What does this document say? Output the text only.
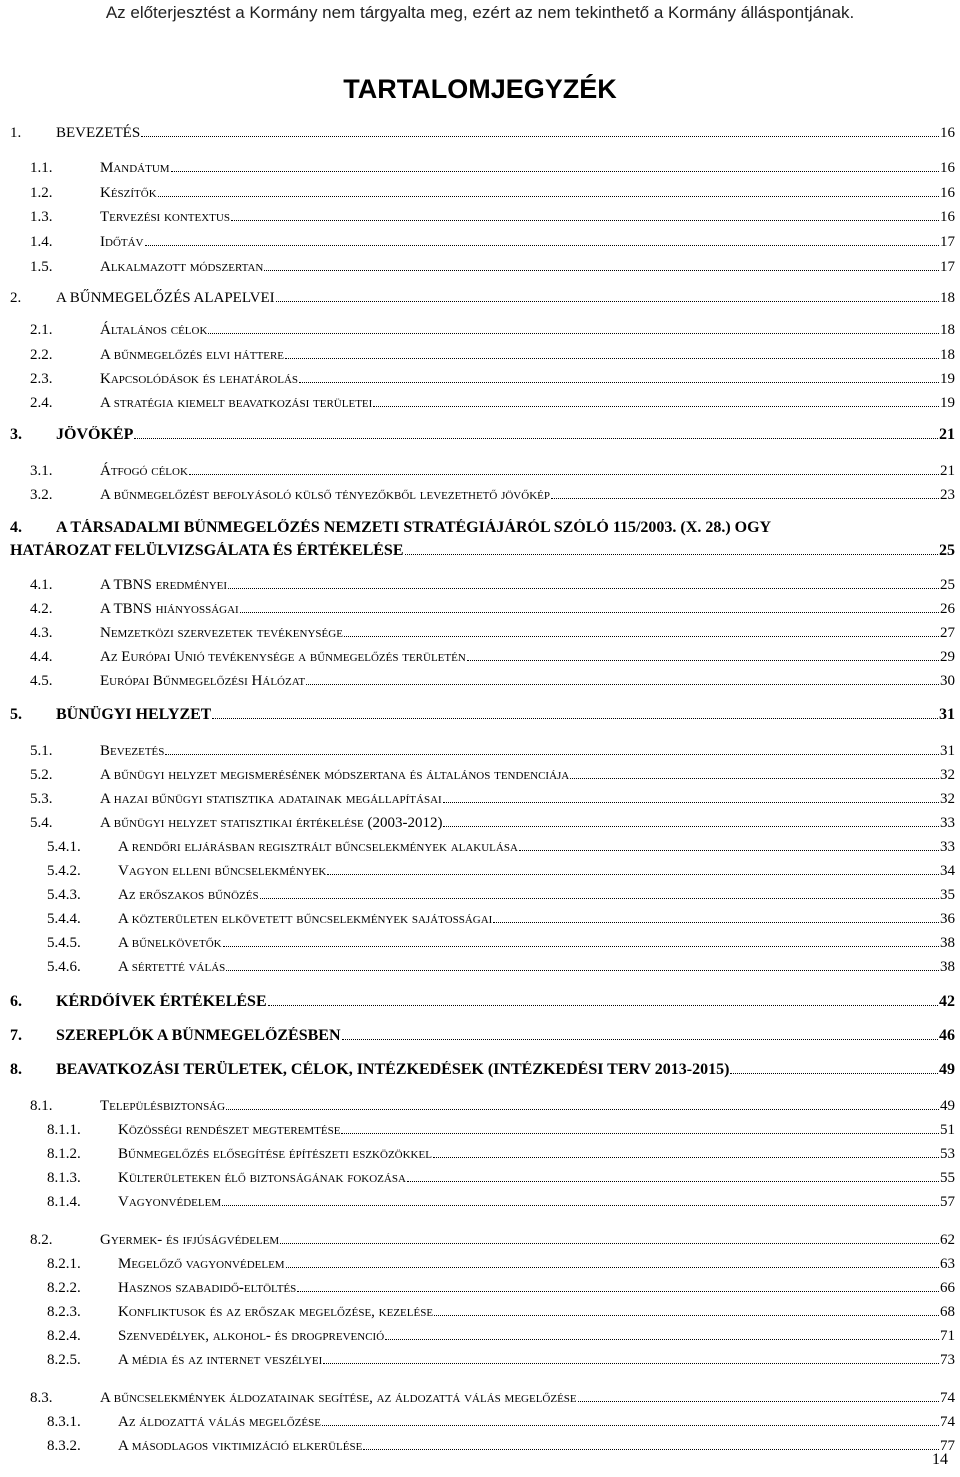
Az előterjesztést a Kormány nem tárgyalta meg, ezért az nem tekinthető a Kormány álláspontjának.
TARTALOMJEGYZÉK
1.	BEVEZETÉS	16
1.1.	Mandátum	16
1.2.	Készítők	16
1.3.	Tervezési kontextus	16
1.4.	Időtáv	17
1.5.	Alkalmazott módszertan	17
2.	A BŰNMEGELŐZÉS ALAPELVEI	18
2.1.	Általános célok	18
2.2.	A bűnmegelőzés elvi háttere	18
2.3.	Kapcsolódások és lehatárolás	19
2.4.	A stratégia kiemelt beavatkozási területei	19
3.	JÖVŐKÉP	21
3.1.	Átfogó célok	21
3.2.	A bűnmegelőzést befolyásoló külső tényezőkből levezethető jövőkép	23
4.	A TÁRSADALMI BŰNMEGELŐZÉS NEMZETI STRATÉGIÁJÁRÓL SZÓLÓ 115/2003. (X. 28.) OGY
HATÁROZAT FELÜLVIZSGÁLATA ÉS ÉRTÉKELÉSE	25
4.1.	A TBNS eredményei	25
4.2.	A TBNS hiányosságai	26
4.3.	Nemzetközi szervezetek tevékenysége	27
4.4.	Az Európai Unió tevékenysége a bűnmegelőzés területén	29
4.5.	Európai Bűnmegelőzési Hálózat	30
5.	BŰNÜGYI HELYZET	31
5.1.	Bevezetés	31
5.2.	A bűnügyi helyzet megismerésének módszertana és általános tendenciája	32
5.3.	A hazai bűnügyi statisztika adatainak megállapításai	32
5.4.	A bűnügyi helyzet statisztikai értékelése (2003-2012)	33
5.4.1.	A rendőri eljárásban regisztrált bűncselekmények alakulása	33
5.4.2.	Vagyon elleni bűncselekmények	34
5.4.3.	Az erőszakos bűnözés	35
5.4.4.	A közterületen elkövetett bűncselekmények sajátosságai	36
5.4.5.	A bűnelkövetők	38
5.4.6.	A sértetté válás	38
6.	KÉRDŐÍVEK ÉRTÉKELÉSE	42
7.	SZEREPLŐK A BŰNMEGELŐZÉSBEN	46
8.	BEAVATKOZÁSI TERÜLETEK, CÉLOK, INTÉZKEDÉSEK (INTÉZKEDÉSI TERV 2013-2015)	49
8.1.	Településbiztonság	49
8.1.1.	Közösségi rendészet megteremtése	51
8.1.2.	Bűnmegelőzés elősegítése építészeti eszközökkel	53
8.1.3.	Külterületeken élő biztonságának fokozása	55
8.1.4.	Vagyonvédelem	57
8.2.	Gyermek- és ifjúságvédelem	62
8.2.1.	Megelőző vagyonvédelem	63
8.2.2.	Hasznos szabadidő-eltöltés	66
8.2.3.	Konfliktusok és az erőszak megelőzése, kezelése	68
8.2.4.	Szenvedélyek, alkohol- és drogprevenció	71
8.2.5.	A média és az internet veszélyei	73
8.3.	A bűncselekmények áldozatainak segítése, az áldozattá válás megelőzése	74
8.3.1.	Az áldozattá válás megelőzése	74
8.3.2.	A másodlagos viktimizáció elkerülése	77
14
